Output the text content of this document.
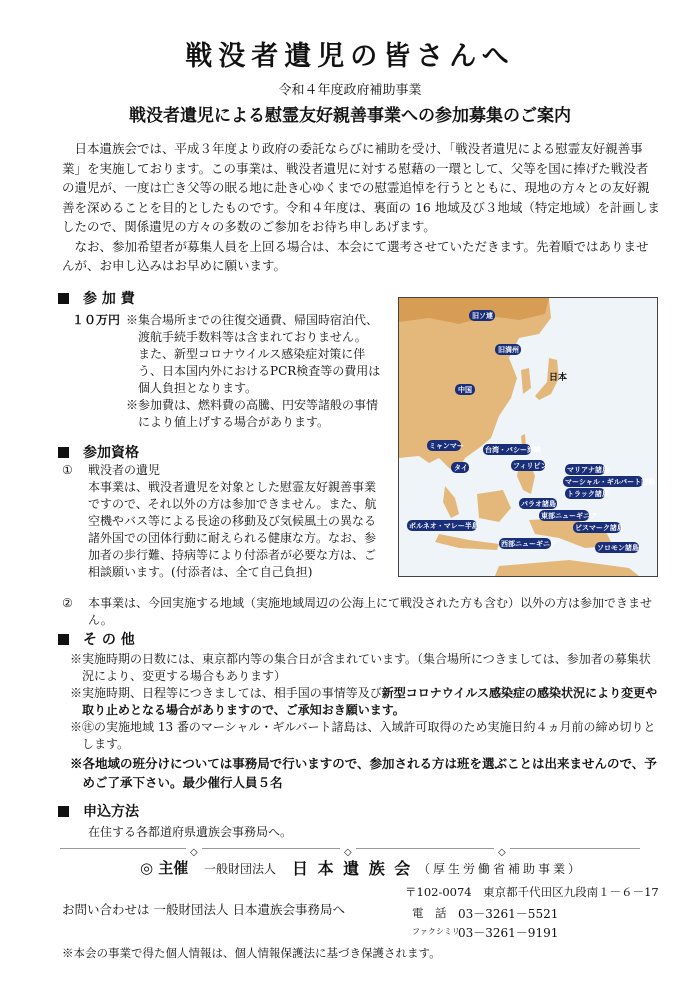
戦没者遺児の皆さんへ
令和４年度政府補助事業
戦没者遺児による慰霊友好親善事業への参加募集のご案内

日本遺族会では、平成３年度より政府の委託ならびに補助を受け、「戦没者遺児による慰霊友好親善事業」を実施しております。この事業は、戦没者遺児に対する慰藉の一環として、父等を国に捧げた戦没者の遺児が、一度は亡き父等の眠る地に赴き心ゆくまでの慰霊追悼を行うとともに、現地の方々との友好親善を深めることを目的としたものです。令和４年度は、裏面の 16 地域及び３地域（特定地域）を計画しましたので、関係遺児の方々の多数のご参加をお待ち申しあげます。

なお、参加希望者が募集人員を上回る場合は、本会にて選考させていただきます。先着順ではありませんが、お申し込みはお早めに願います。

参 加 費
１０万円 ※集合場所までの往復交通費、帰国時宿泊代、渡航手続手数料等は含まれておりません。
また、新型コロナウイルス感染症対策に伴う、日本国内外におけるPCR検査等の費用は個人負担となります。
※参加費は、燃料費の高騰、円安等諸般の事情により値上げする場合があります。
参加資格
① 戦没者の遺児
本事業は、戦没者遺児を対象とした慰霊友好親善事業ですので、それ以外の方は参加できません。また、航空機やバス等による長途の移動及び気候風土の異なる諸外国での団体行動に耐えられる健康な方。なお、参加者の歩行難、持病等により付添者が必要な方は、ご相談願います。(付添者は、全て自己負担)
② 本事業は、今回実施する地域（実施地域周辺の公海上にて戦没された方も含む）以外の方は参加できません。
旧ソ連
旧満州
中国
日本
ミャンマー
タイ
台湾・バシー海峡
フィリピン	マリアナ諸島
マーシャル・ギルバート諸島
トラック諸島
パラオ諸島
東部ニューギニア
ボルネオ・マレー半島	ビスマーク諸島
西部ニューギニア	ソロモン諸島
そ の 他
※実施時期の日数には、東京都内等の集合日が含まれています。（集合場所につきましては、参加者の募集状況により、変更する場合もあります）
※実施時期、日程等につきましては、相手国の事情等及び新型コロナウイルス感染症の感染状況により変更や取り止めとなる場合がありますので、ご承知おき願います。
※㊟の実施地域 13 番のマーシャル・ギルバート諸島は、入域許可取得のため実施日約４ヵ月前の締め切りとします。
※各地域の班分けについては事務局で行いますので、参加される方は班を選ぶことは出来ませんので、予めご了承下さい。最少催行人員５名
申込方法
在住する各都道府県遺族会事務局へ。
◇	◇	◇
◎ 主催 一般財団法人 日 本 遺 族 会 （厚生労働省補助事業）
〒102-0074　東京都千代田区九段南１－６－17
お問い合わせは 一般財団法人 日本遺族会事務局へ	電　話 03－3261－5521
ファクシミリ
03－3261－9191
※本会の事業で得た個人情報は、個人情報保護法に基づき保護されます。
